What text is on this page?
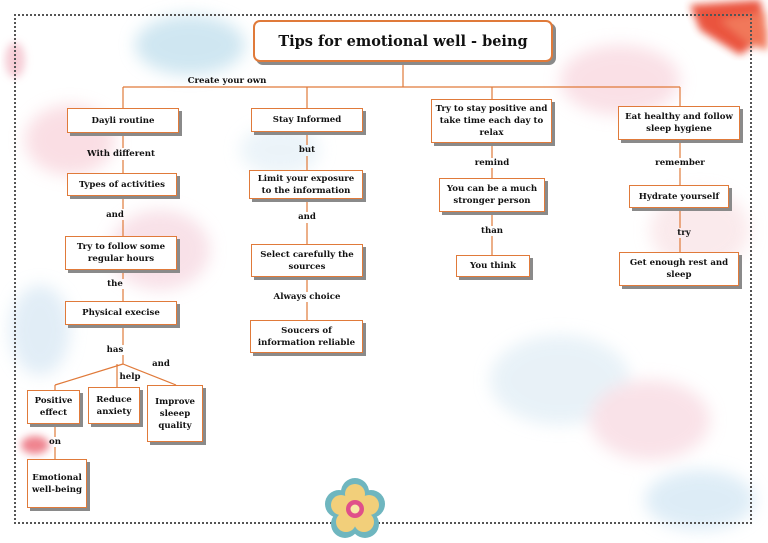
Tips for emotional well - being
Create your own
With different
and
the
has
help
and
on
but
and
Always choice
remind
than
remember
try
Dayli routine
Types of activities
Try to follow some regular hours
Physical execise
Positive effect
Reduce anxiety
Improve sleeep quality
Emotional well-being
Stay Informed
Limit your exposure to the information
Select carefully the sources
Soucers of information reliable
Try to stay positive and take time each day to relax
You can be a much stronger person
You think
Eat healthy and follow sleep hygiene
Hydrate yourself
Get enough rest and sleep
